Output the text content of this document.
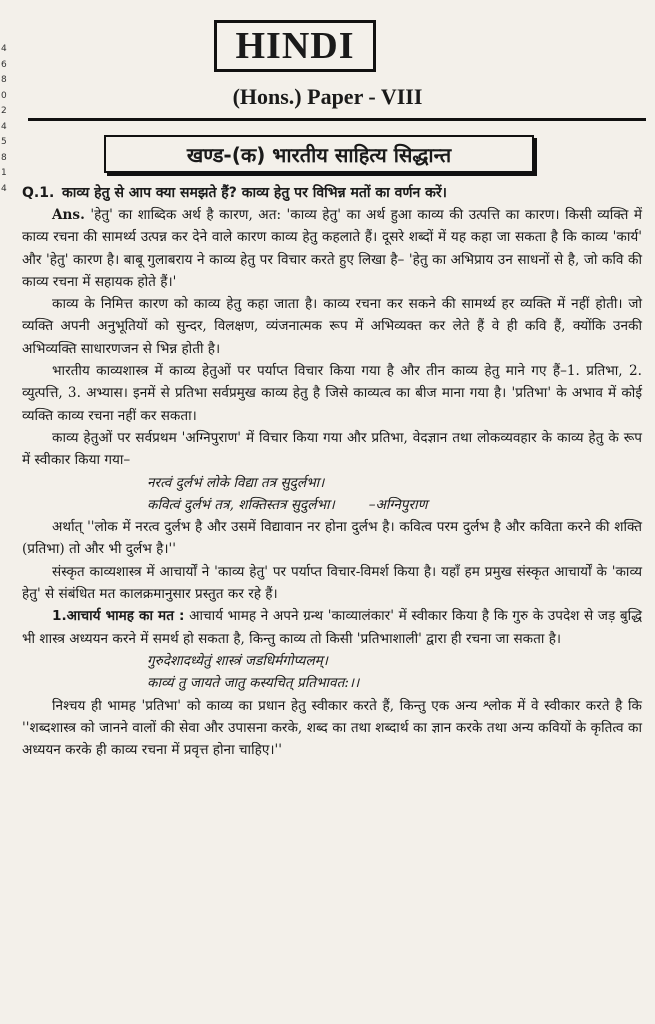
4
6
8
0
2
4
5
8
1
4
HINDI
(Hons.) Paper - VIII
खण्ड-(क) भारतीय साहित्य सिद्धान्त
Q.1. काव्य हेतु से आप क्या समझते हैं? काव्य हेतु पर विभिन्न मतों का वर्णन करें।

Ans. 'हेतु' का शाब्दिक अर्थ है कारण, अत: 'काव्य हेतु' का अर्थ हुआ काव्य की उत्पत्ति का कारण। किसी व्यक्ति में काव्य रचना की सामर्थ्य उत्पन्न कर देने वाले कारण काव्य हेतु कहलाते हैं। दूसरे शब्दों में यह कहा जा सकता है कि काव्य 'कार्य' और 'हेतु' कारण है। बाबू गुलाबराय ने काव्य हेतु पर विचार करते हुए लिखा है– 'हेतु का अभिप्राय उन साधनों से है, जो कवि की काव्य रचना में सहायक होते हैं।'

काव्य के निमित्त कारण को काव्य हेतु कहा जाता है। काव्य रचना कर सकने की सामर्थ्य हर व्यक्ति में नहीं होती। जो व्यक्ति अपनी अनुभूतियों को सुन्दर, विलक्षण, व्यंजनात्मक रूप में अभिव्यक्त कर लेते हैं वे ही कवि हैं, क्योंकि उनकी अभिव्यक्ति साधारणजन से भिन्न होती है।

भारतीय काव्यशास्त्र में काव्य हेतुओं पर पर्याप्त विचार किया गया है और तीन काव्य हेतु माने गए हैं–1. प्रतिभा, 2. व्युत्पत्ति, 3. अभ्यास। इनमें से प्रतिभा सर्वप्रमुख काव्य हेतु है जिसे काव्यत्व का बीज माना गया है। 'प्रतिभा' के अभाव में कोई व्यक्ति काव्य रचना नहीं कर सकता।

काव्य हेतुओं पर सर्वप्रथम 'अग्निपुराण' में विचार किया गया और प्रतिभा, वेदज्ञान तथा लोकव्यवहार के काव्य हेतु के रूप में स्वीकार किया गया–

नरत्वं दुर्लभं लोके विद्या तत्र सुदुर्लभा।
कवित्वं दुर्लभं तत्र, शक्तिस्तत्र सुदुर्लभा।	–अग्निपुराण

अर्थात् ''लोक में नरत्व दुर्लभ है और उसमें विद्यावान नर होना दुर्लभ है। कवित्व परम दुर्लभ है और कविता करने की शक्ति (प्रतिभा) तो और भी दुर्लभ है।''

संस्कृत काव्यशास्त्र में आचार्यों ने 'काव्य हेतु' पर पर्याप्त विचार-विमर्श किया है। यहाँ हम प्रमुख संस्कृत आचार्यों के 'काव्य हेतु' से संबंधित मत कालक्रमानुसार प्रस्तुत कर रहे हैं।

1.आचार्य भामह का मत : आचार्य भामह ने अपने ग्रन्थ 'काव्यालंकार' में स्वीकार किया है कि गुरु के उपदेश से जड़ बुद्धि भी शास्त्र अध्ययन करने में समर्थ हो सकता है, किन्तु काव्य तो किसी 'प्रतिभाशाली' द्वारा ही रचना जा सकता है।

गुरुदेशादध्येतुं शास्त्रं जडधिर्मगोप्यलम्।
काव्यं तु जायते जातु कस्यचित् प्रतिभावत:।।

निश्चय ही भामह 'प्रतिभा' को काव्य का प्रधान हेतु स्वीकार करते हैं, किन्तु एक अन्य श्लोक में वे स्वीकार करते है कि ''शब्दशास्त्र को जानने वालों की सेवा और उपासना करके, शब्द का तथा शब्दार्थ का ज्ञान करके तथा अन्य कवियों के कृतित्व का अध्ययन करके ही काव्य रचना में प्रवृत्त होना चाहिए।''
